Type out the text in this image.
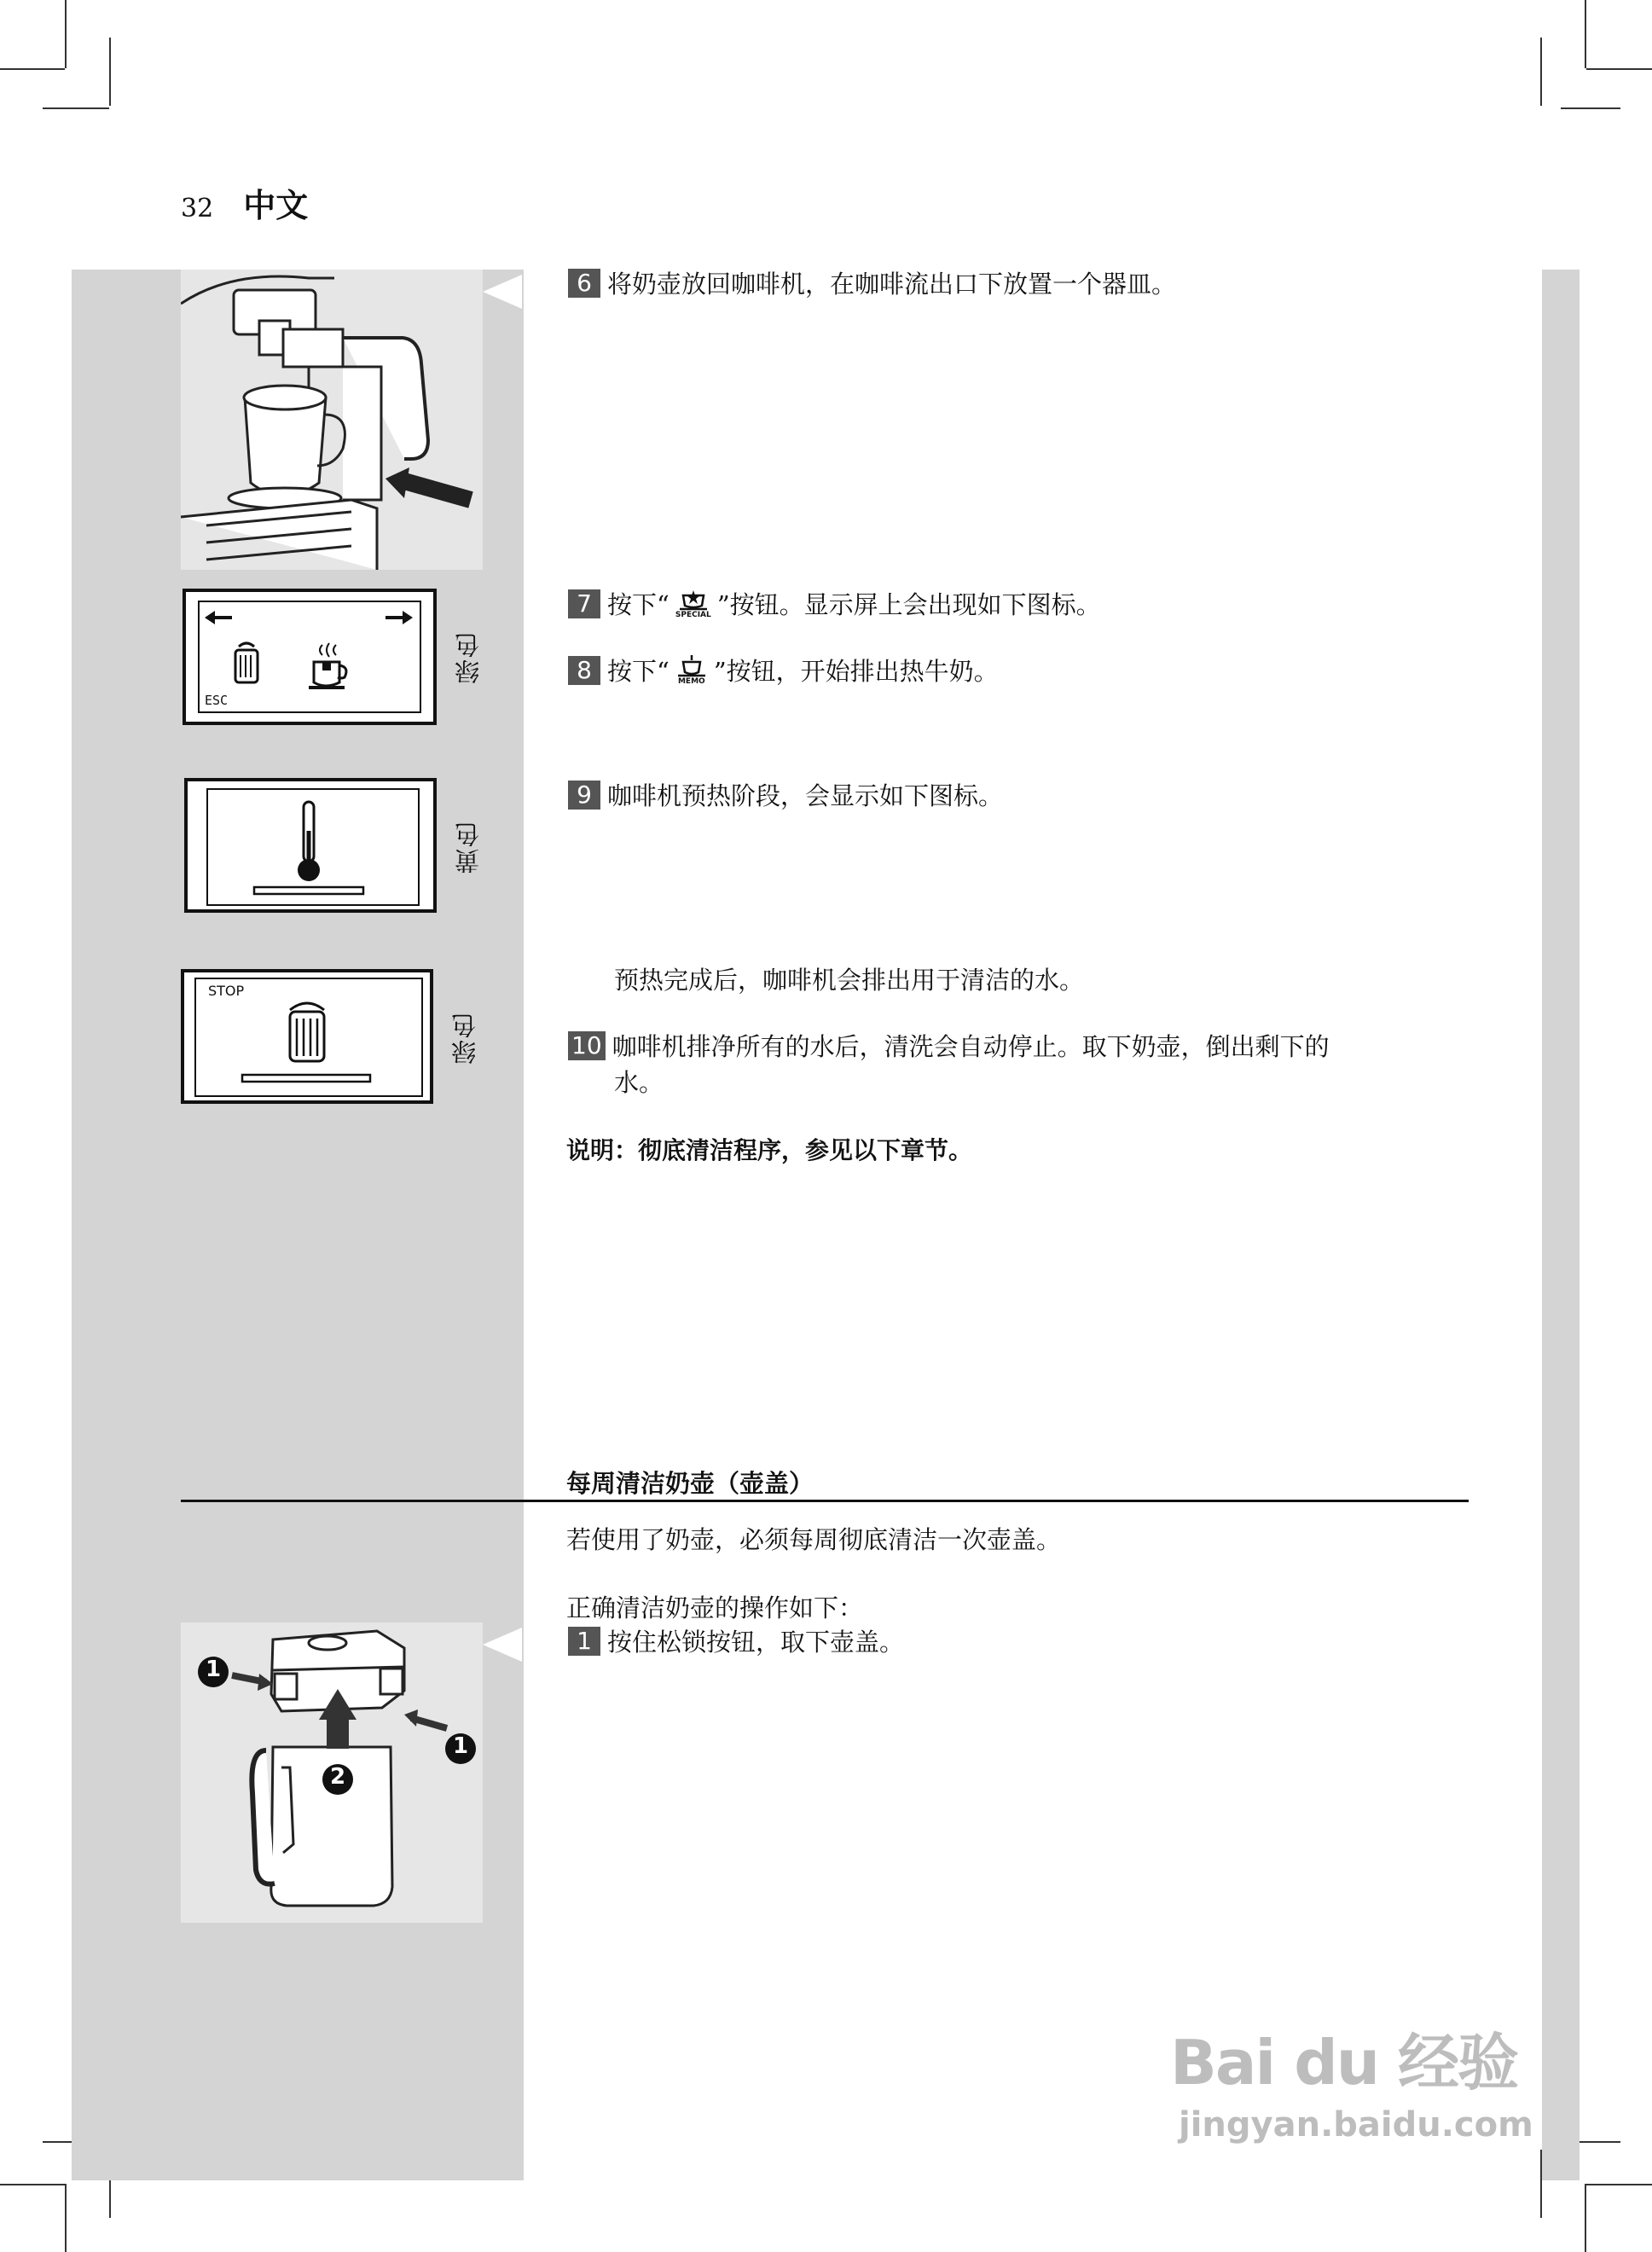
32 中文
6 将奶壶放回咖啡机，在咖啡流出口下放置一个器皿。
ESC
绿色
7 按下“ SPECIAL ”按钮。显示屏上会出现如下图标。
8 按下“	MEMO ”按钮，开始排出热牛奶。
黄色
9 咖啡机预热阶段，会显示如下图标。
STOP
绿色
预热完成后，咖啡机会排出用于清洁的水。
10 咖啡机排净所有的水后，清洗会自动停止。取下奶壶，倒出剩下的
水。
说明：彻底清洁程序，参见以下章节。
每周清洁奶壶（壶盖）
若使用了奶壶，必须每周彻底清洁一次壶盖。
正确清洁奶壶的操作如下：
1 按住松锁按钮，取下壶盖。
1
1
2
Bai du 经验
jingyan.baidu.com
